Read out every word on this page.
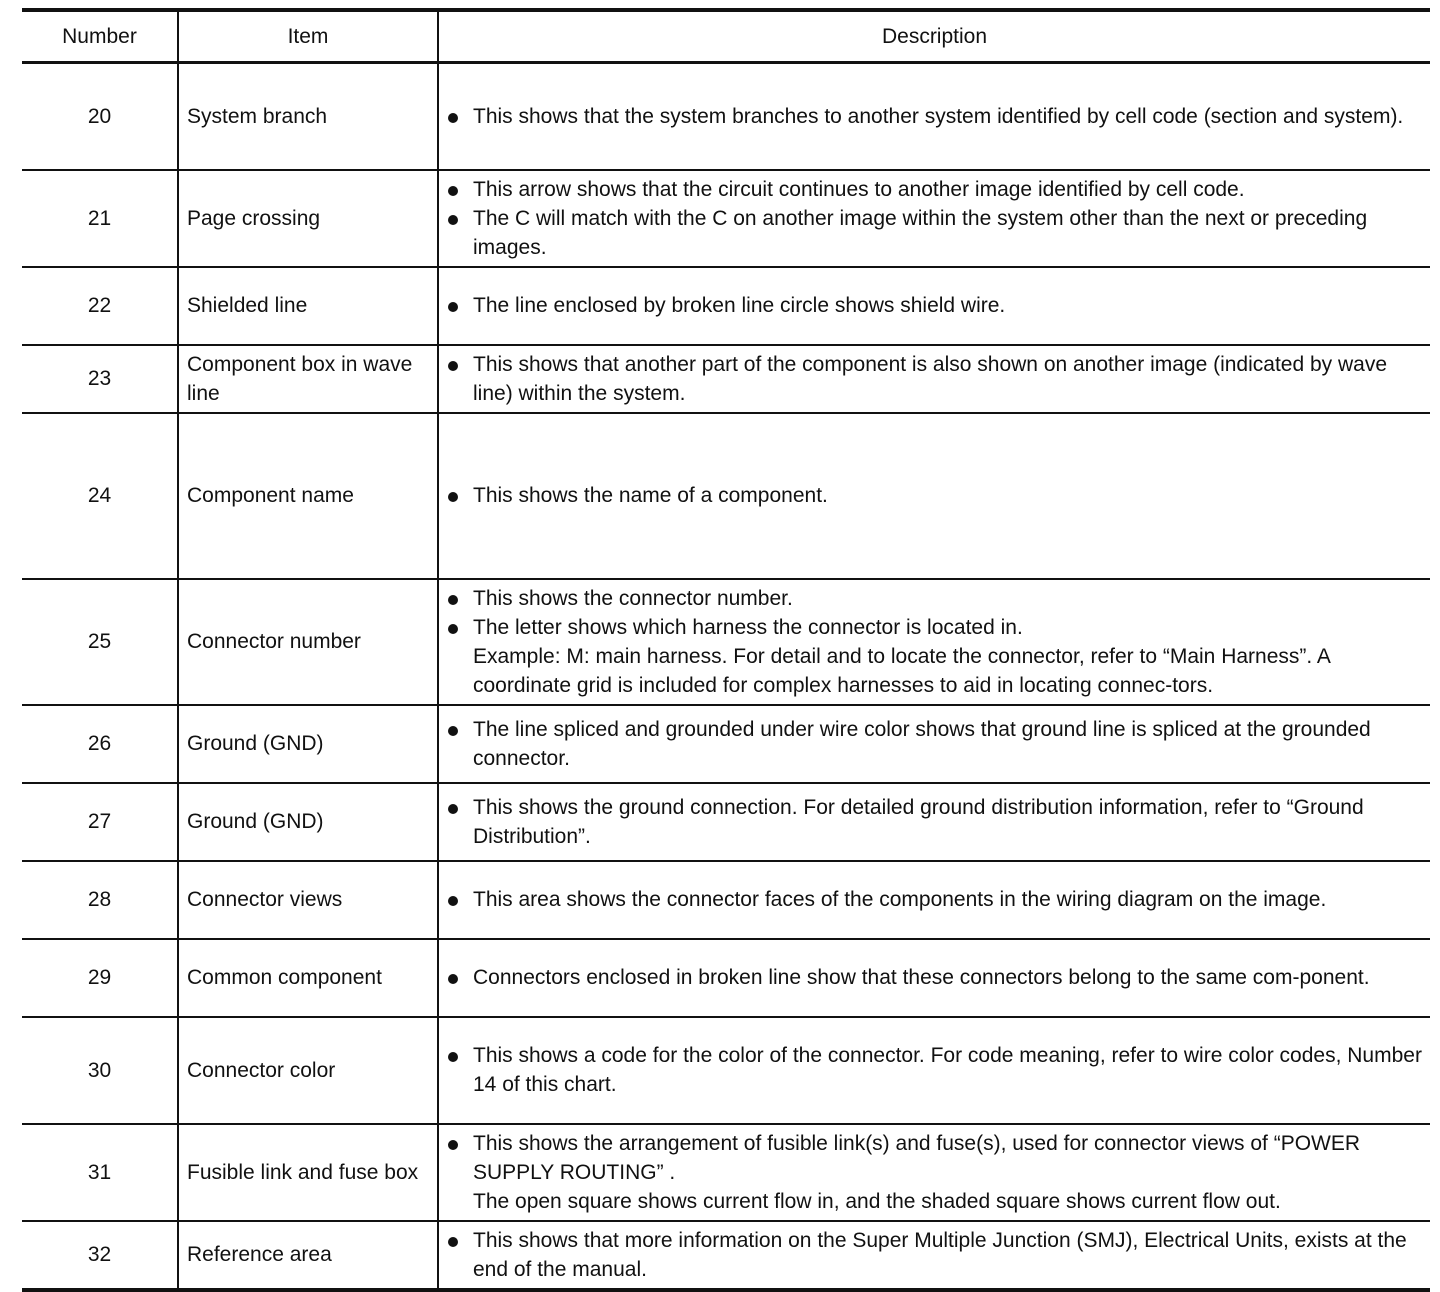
Number	Item	Description
20	System branch	This shows that the system branches to another system identified by cell code (section and system).

21	Page crossing	This arrow shows that the circuit continues to another image identified by cell code.
The C will match with the C on another image within the system other than the next or preceding images.

22	Shielded line	The line enclosed by broken line circle shows shield wire.

23	Component box in wave line	This shows that another part of the component is also shown on another image (indicated by wave line) within the system.

24	Component name	This shows the name of a component.

25	Connector number	This shows the connector number.
The letter shows which harness the connector is located in.
Example: M: main harness. For detail and to locate the connector, refer to “Main Harness”. A coordinate grid is included for complex harnesses to aid in locating connec-tors.

26	Ground (GND)	The line spliced and grounded under wire color shows that ground line is spliced at the grounded connector.

27	Ground (GND)	This shows the ground connection. For detailed ground distribution information, refer to “Ground Distribution”.

28	Connector views	This area shows the connector faces of the components in the wiring diagram on the image.

29	Common component	Connectors enclosed in broken line show that these connectors belong to the same com-ponent.

30	Connector color	This shows a code for the color of the connector. For code meaning, refer to wire color codes, Number 14 of this chart.

31	Fusible link and fuse box	This shows the arrangement of fusible link(s) and fuse(s), used for connector views of “POWER SUPPLY ROUTING” .
The open square shows current flow in, and the shaded square shows current flow out.

32	Reference area	This shows that more information on the Super Multiple Junction (SMJ), Electrical Units, exists at the end of the manual.
